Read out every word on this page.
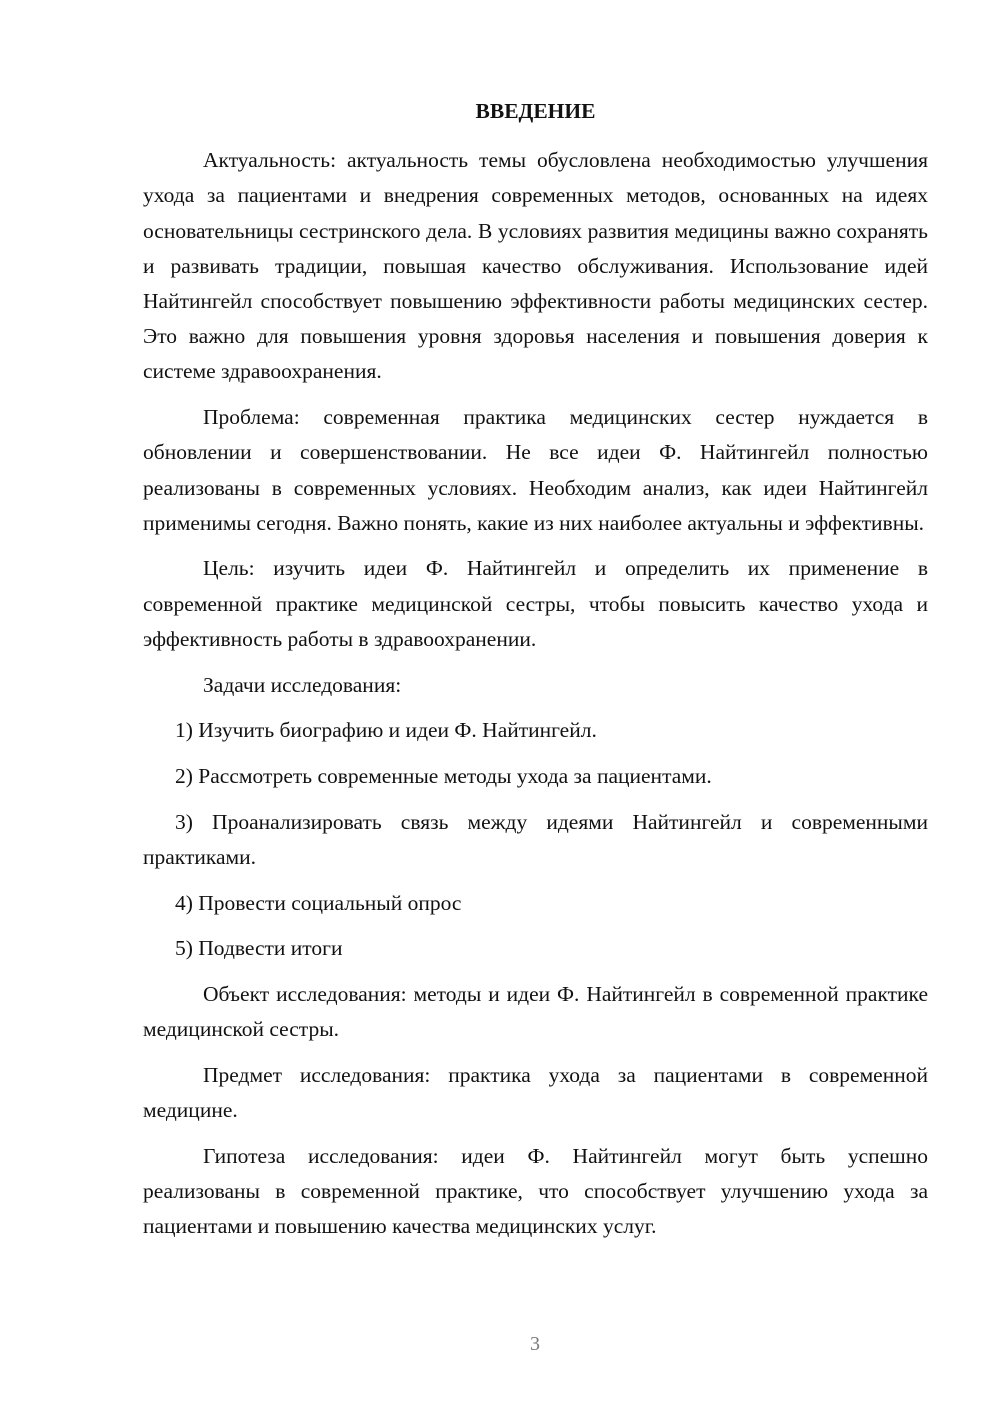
ВВЕДЕНИЕ

Актуальность: актуальность темы обусловлена необходимостью улучшения ухода за пациентами и внедрения современных методов, основанных на идеях основательницы сестринского дела. В условиях развития медицины важно сохранять и развивать традиции, повышая качество обслуживания. Использование идей Найтингейл способствует повышению эффективности работы медицинских сестер. Это важно для повышения уровня здоровья населения и повышения доверия к системе здравоохранения.

Проблема: современная практика медицинских сестер нуждается в обновлении и совершенствовании. Не все идеи Ф. Найтингейл полностью реализованы в современных условиях. Необходим анализ, как идеи Найтингейл применимы сегодня. Важно понять, какие из них наиболее актуальны и эффективны.

Цель: изучить идеи Ф. Найтингейл и определить их применение в современной практике медицинской сестры, чтобы повысить качество ухода и эффективность работы в здравоохранении.

Задачи исследования:

1) Изучить биографию и идеи Ф. Найтингейл.

2) Рассмотреть современные методы ухода за пациентами.

3) Проанализировать связь между идеями Найтингейл и современными практиками.

4) Провести социальный опрос

5) Подвести итоги

Объект исследования: методы и идеи Ф. Найтингейл в современной практике медицинской сестры.

Предмет исследования: практика ухода за пациентами в современной медицине.

Гипотеза исследования: идеи Ф. Найтингейл могут быть успешно реализованы в современной практике, что способствует улучшению ухода за пациентами и повышению качества медицинских услуг.

3
